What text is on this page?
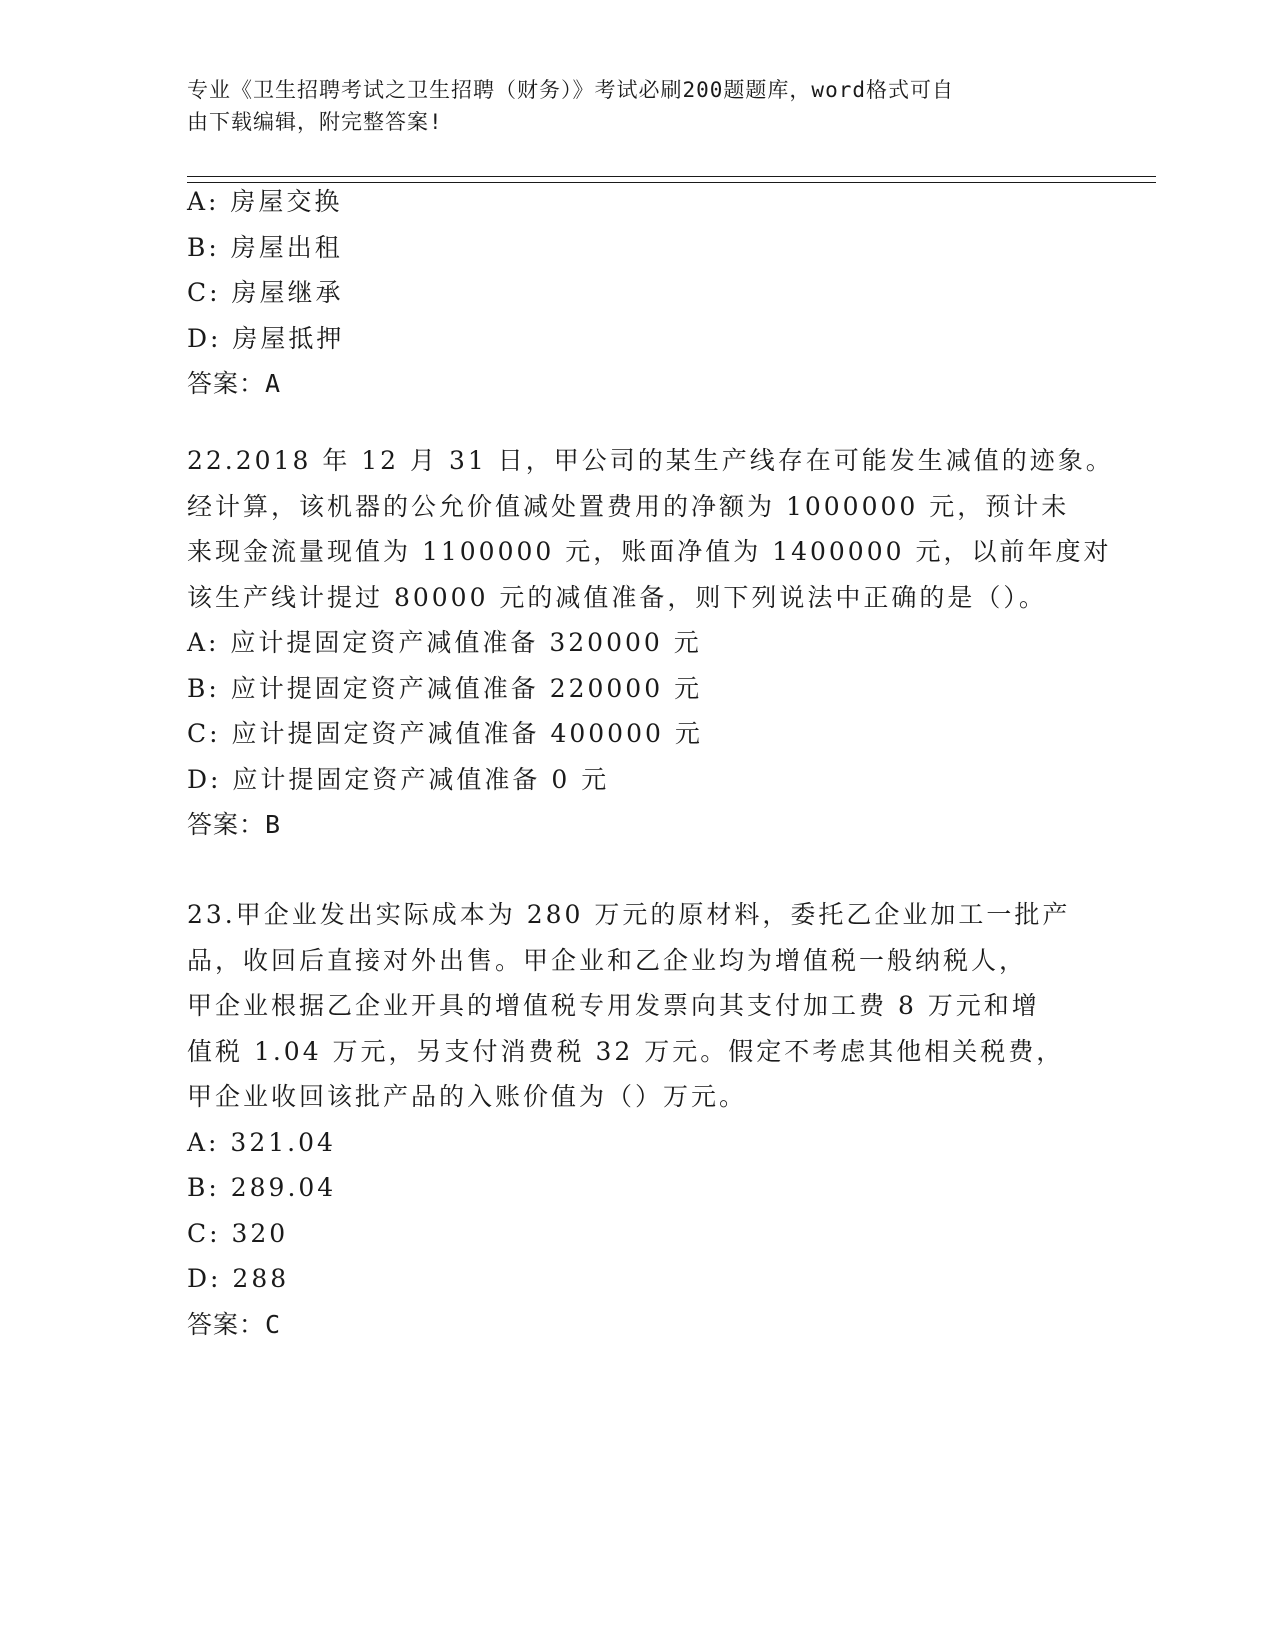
专业《卫生招聘考试之卫生招聘（财务）》考试必刷200题题库，word格式可自
由下载编辑，附完整答案!
A: 房屋交换
B: 房屋出租
C: 房屋继承
D: 房屋抵押
答案：A
22.2018 年 12 月 31 日，甲公司的某生产线存在可能发生减值的迹象。
经计算，该机器的公允价值减处置费用的净额为 1000000 元，预计未
来现金流量现值为 1100000 元，账面净值为 1400000 元，以前年度对
该生产线计提过 80000 元的减值准备，则下列说法中正确的是（）。
A: 应计提固定资产减值准备 320000 元
B: 应计提固定资产减值准备 220000 元
C: 应计提固定资产减值准备 400000 元
D: 应计提固定资产减值准备 0 元
答案：B
23.甲企业发出实际成本为 280 万元的原材料，委托乙企业加工一批产
品，收回后直接对外出售。甲企业和乙企业均为增值税一般纳税人，
甲企业根据乙企业开具的增值税专用发票向其支付加工费 8 万元和增
值税 1.04 万元，另支付消费税 32 万元。假定不考虑其他相关税费，
甲企业收回该批产品的入账价值为（）万元。
A: 321.04
B: 289.04
C: 320
D: 288
答案：C
